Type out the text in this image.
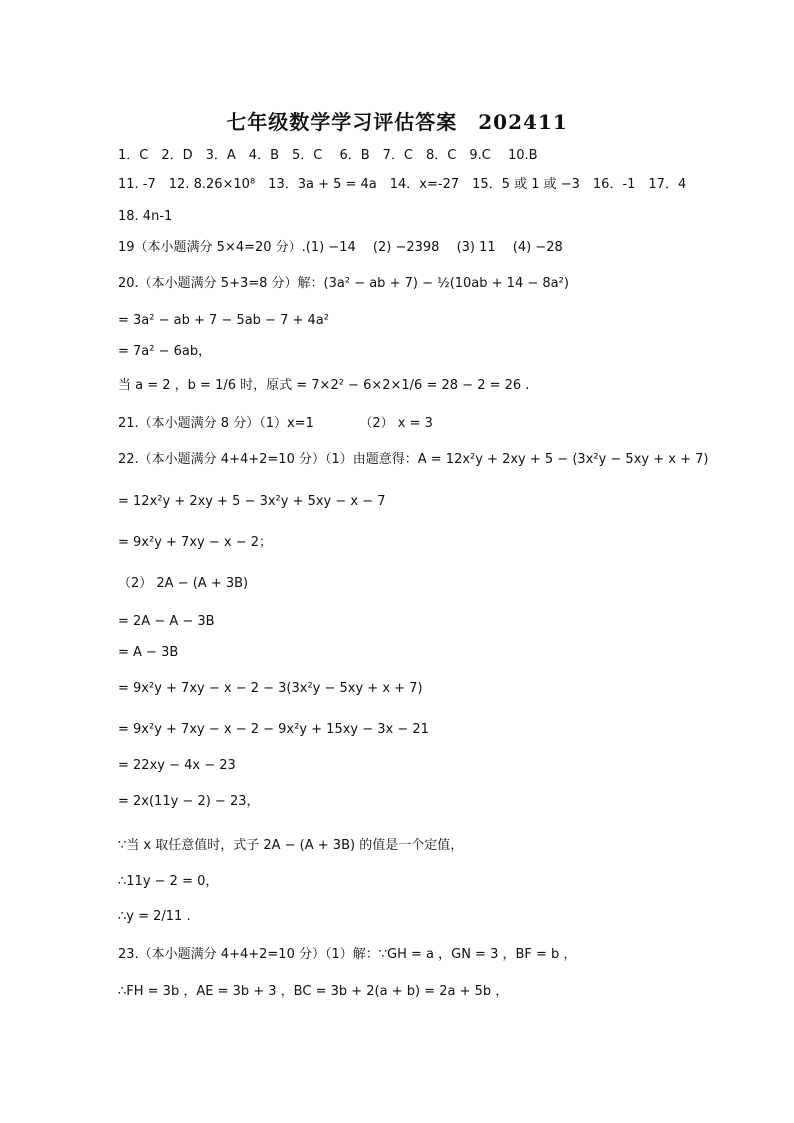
七年级数学学习评估答案　202411
1．C　2．D　3．A　4．B　5．C　 6．B　7．C　8．C　9.C　 10.B
11. -7　12. 8.26×10⁸　13．3a + 5 = 4a　14．x=-27　15．5 或 1 或 −3　16．-1　17．4
18. 4n-1
19（本小题满分 5×4=20 分）.(1) −14　 (2) −2398　 (3) 11　 (4) −28
20.（本小题满分 5+3=8 分）解：(3a² − ab + 7) − ½(10ab + 14 − 8a²)
= 3a² − ab + 7 − 5ab − 7 + 4a²
= 7a² − 6ab，
当 a = 2 ，b = 1/6 时，原式 = 7×2² − 6×2×1/6 = 28 − 2 = 26 .
21.（本小题满分 8 分）（1）x=1　　　　（2） x = 3
22.（本小题满分 4+4+2=10 分）（1）由题意得：A = 12x²y + 2xy + 5 − (3x²y − 5xy + x + 7)
= 12x²y + 2xy + 5 − 3x²y + 5xy − x − 7
= 9x²y + 7xy − x − 2；
（2） 2A − (A + 3B)
= 2A − A − 3B
= A − 3B
= 9x²y + 7xy − x − 2 − 3(3x²y − 5xy + x + 7)
= 9x²y + 7xy − x − 2 − 9x²y + 15xy − 3x − 21
= 22xy − 4x − 23
= 2x(11y − 2) − 23，
∵当 x 取任意值时，式子 2A − (A + 3B) 的值是一个定值，
∴11y − 2 = 0，
∴y = 2/11 .
23.（本小题满分 4+4+2=10 分）（1）解：∵GH = a ，GN = 3 ，BF = b ，
∴FH = 3b ，AE = 3b + 3 ，BC = 3b + 2(a + b) = 2a + 5b ，
